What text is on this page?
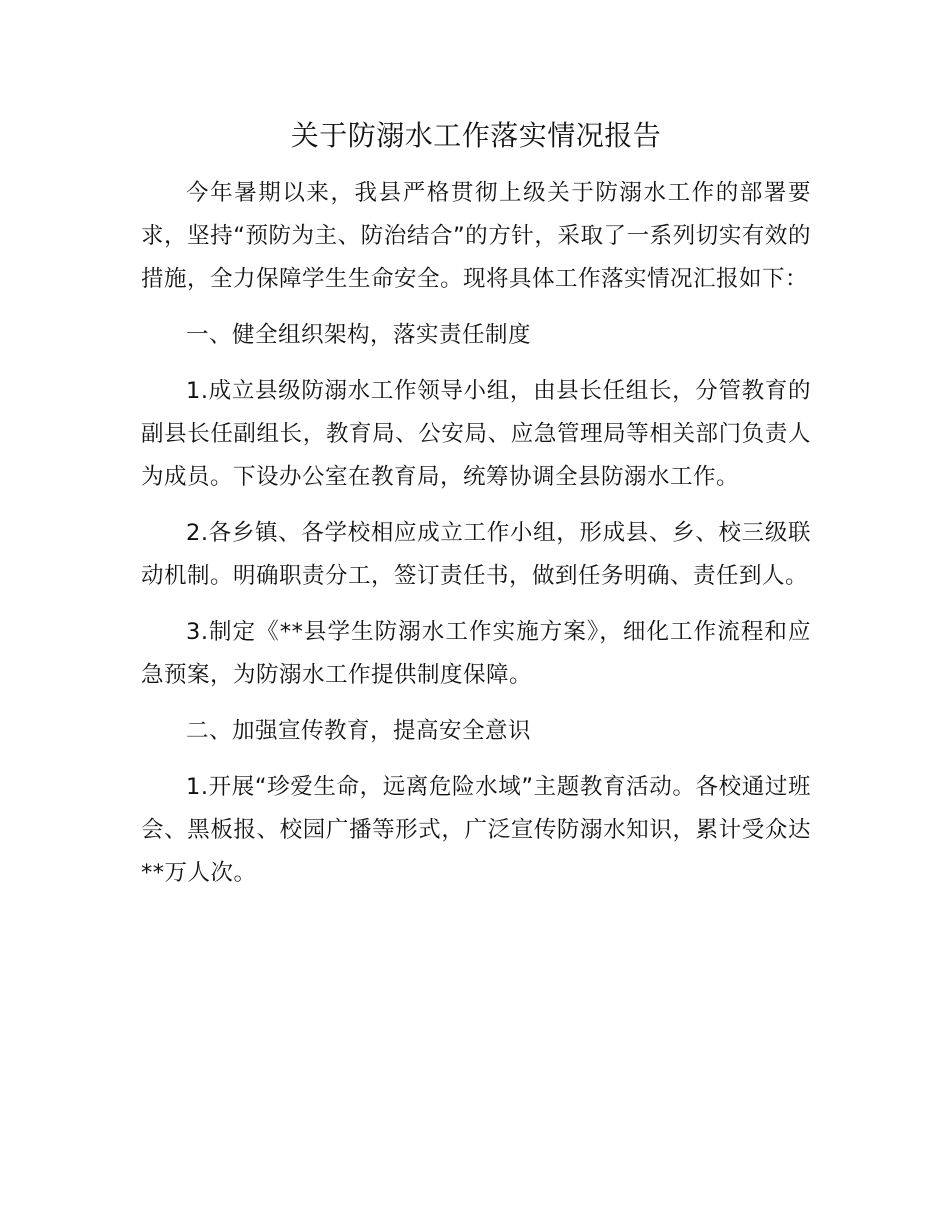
关于防溺水工作落实情况报告

今年暑期以来，我县严格贯彻上级关于防溺水工作的部署要求，坚持“预防为主、防治结合”的方针，采取了一系列切实有效的措施，全力保障学生生命安全。现将具体工作落实情况汇报如下：

一、健全组织架构，落实责任制度

1.成立县级防溺水工作领导小组，由县长任组长，分管教育的副县长任副组长，教育局、公安局、应急管理局等相关部门负责人为成员。下设办公室在教育局，统筹协调全县防溺水工作。

2.各乡镇、各学校相应成立工作小组，形成县、乡、校三级联动机制。明确职责分工，签订责任书，做到任务明确、责任到人。

3.制定《**县学生防溺水工作实施方案》，细化工作流程和应急预案，为防溺水工作提供制度保障。

二、加强宣传教育，提高安全意识

1.开展“珍爱生命，远离危险水域”主题教育活动。各校通过班会、黑板报、校园广播等形式，广泛宣传防溺水知识，累计受众达**万人次。
